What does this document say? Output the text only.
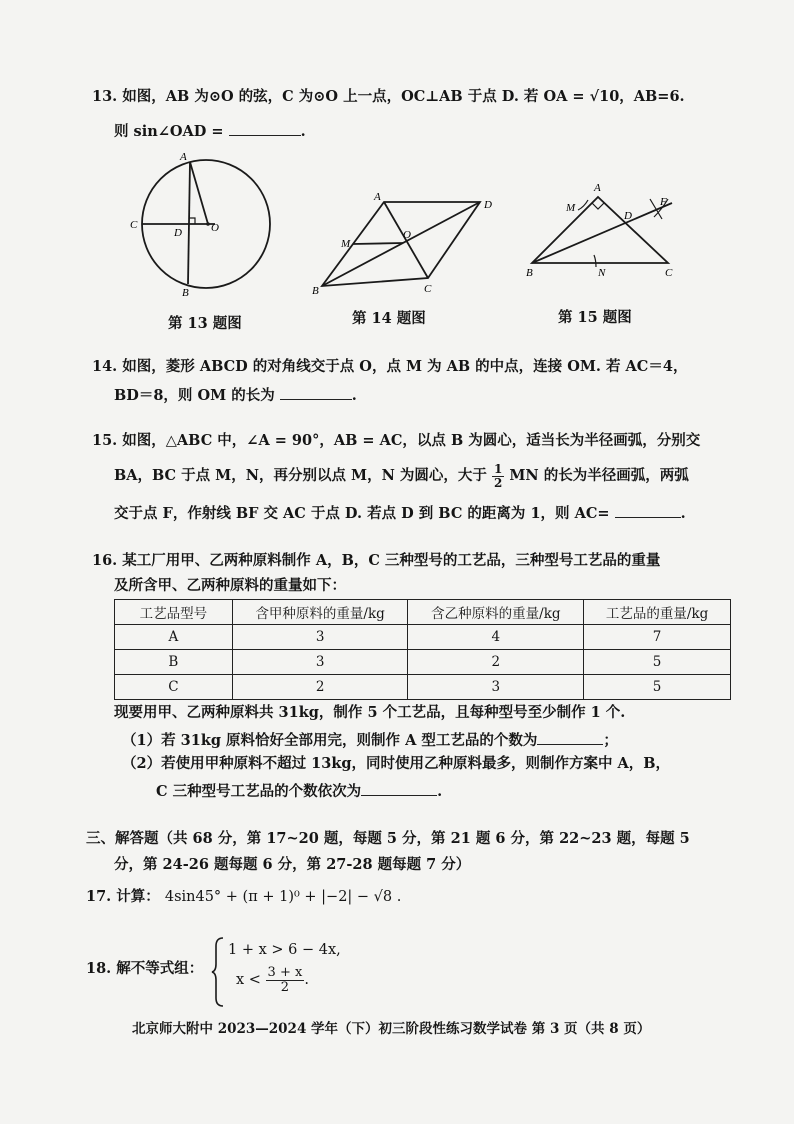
13. 如图，AB 为⊙O 的弦，C 为⊙O 上一点，OC⊥AB 于点 D. 若 OA = √10，AB=6.
则 sin∠OAD =	.
A
B
C
D	O
第 13 题图
A
B	C
D
M
O
第 14 题图
A
B	C
D
M
N
F
第 15 题图
14. 如图，菱形 ABCD 的对角线交于点 O，点 M 为 AB 的中点，连接 OM. 若 AC＝4，
BD＝8，则 OM 的长为	.
15. 如图，△ABC 中，∠A = 90°，AB = AC，以点 B 为圆心，适当长为半径画弧，分别交
BA，BC 于点 M，N，再分别以点 M，N 为圆心，大于 $\frac{1}{2}$ MN 的长为半径画弧，两弧
交于点 F，作射线 BF 交 AC 于点 D. 若点 D 到 BC 的距离为 1，则 AC=	.
16. 某工厂用甲、乙两种原料制作 A，B，C 三种型号的工艺品，三种型号工艺品的重量
及所含甲、乙两种原料的重量如下：
工艺品型号	含甲种原料的重量/kg	含乙种原料的重量/kg	工艺品的重量/kg
A	3	4	7
B	3	2	5
C	2	3	5
现要用甲、乙两种原料共 31kg，制作 5 个工艺品，且每种型号至少制作 1 个.
（1）若 31kg 原料恰好全部用完，则制作 A 型工艺品的个数为	；
（2）若使用甲种原料不超过 13kg，同时使用乙种原料最多，则制作方案中 A，B，
C 三种型号工艺品的个数依次为	.
三、解答题（共 68 分，第 17~20 题，每题 5 分，第 21 题 6 分，第 22~23 题，每题 5
分，第 24-26 题每题 6 分，第 27-28 题每题 7 分）
17. 计算： 4sin45° + (π + 1)⁰ + |−2| − √8 .
18. 解不等式组：
1 + x > 6 − 4x,
$x < \frac{3 + x}{2}$ .
北京师大附中 2023—2024 学年（下）初三阶段性练习数学试卷 第 3 页（共 8 页）
